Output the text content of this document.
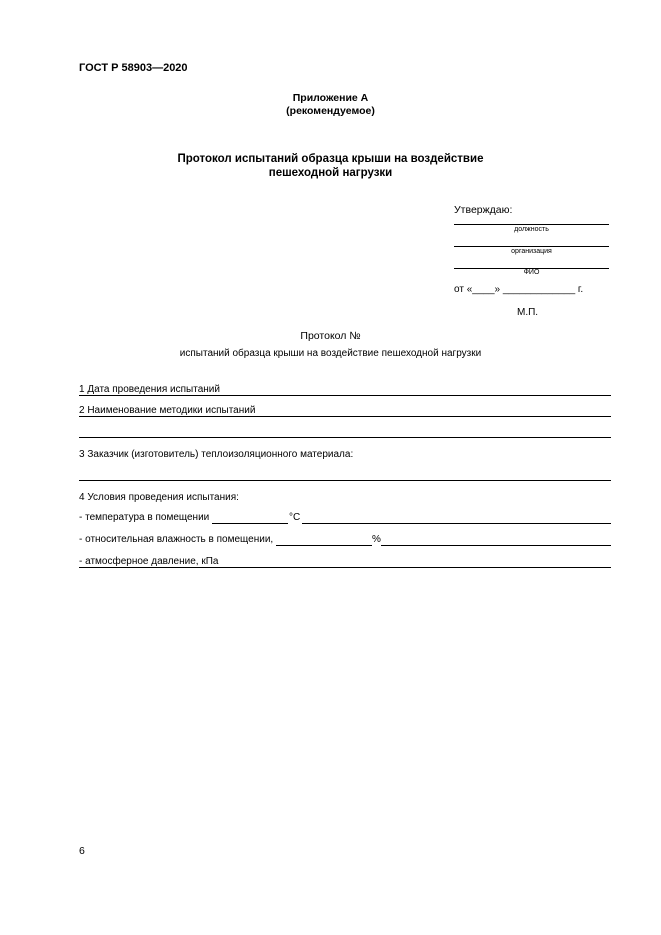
ГОСТ Р 58903—2020
Приложение А
(рекомендуемое)
Протокол испытаний образца крыши на воздействие
пешеходной нагрузки
Утверждаю:
должность
организация
ФИО
от «____» _____________ г.
М.П.
Протокол №
испытаний образца крыши на воздействие пешеходной нагрузки
1 Дата проведения испытаний
2 Наименование методики испытаний
3 Заказчик (изготовитель) теплоизоляционного материала:
4 Условия проведения испытания:
- температура в помещении	°С
- относительная влажность в помещении,	%
- атмосферное давление, кПа
6
